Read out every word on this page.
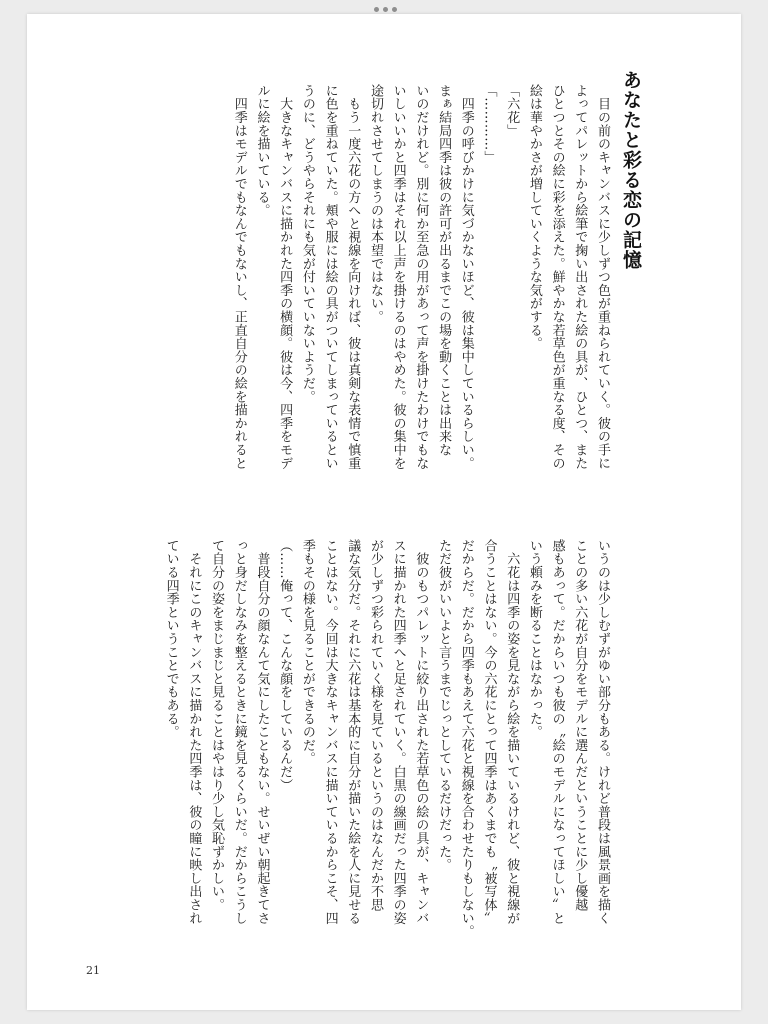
あなたと彩る恋の記憶

　目の前のキャンバスに少しずつ色が重ねられていく。彼の手に

よってパレットから絵筆で掬い出された絵の具が、ひとつ、また

ひとつとその絵に彩を添えた。鮮やかな若草色が重なる度、その

絵は華やかさが増していくような気がする。

「六花」

「…………」

　四季の呼びかけに気づかないほど、彼は集中しているらしい。

まぁ結局四季は彼の許可が出るまでこの場を動くことは出来な

いのだけれど。別に何か至急の用があって声を掛けたわけでもな

いしいいかと四季はそれ以上声を掛けるのはやめた。彼の集中を

途切れさせてしまうのは本望ではない。

　もう一度六花の方へと視線を向ければ、彼は真剣な表情で慎重

に色を重ねていた。頬や服には絵の具がついてしまっているとい

うのに、どうやらそれにも気が付いていないようだ。

　大きなキャンバスに描かれた四季の横顔。彼は今、四季をモデ

ルに絵を描いている。

　四季はモデルでもなんでもないし、正直自分の絵を描かれると

いうのは少しむずがゆい部分もある。けれど普段は風景画を描く

ことの多い六花が自分をモデルに選んだということに少し優越

感もあって。だからいつも彼の〝絵のモデルになってほしい〟と

いう頼みを断ることはなかった。

　六花は四季の姿を見ながら絵を描いているけれど、彼と視線が

合うことはない。今の六花にとって四季はあくまでも〝被写体〟

だからだ。だから四季もあえて六花と視線を合わせたりもしない。

ただ彼がいいよと言うまでじっとしているだけだった。

　彼のもつパレットに絞り出された若草色の絵の具が、キャンバ

スに描かれた四季へと足されていく。白黒の線画だった四季の姿

が少しずつ彩られていく様を見ているというのはなんだか不思

議な気分だ。それに六花は基本的に自分が描いた絵を人に見せる

ことはない。今回は大きなキャンバスに描いているからこそ、四

季もその様を見ることができるのだ。

（……俺って、こんな顔をしているんだ）

　普段自分の顔なんて気にしたこともない。せいぜい朝起きてさ

っと身だしなみを整えるときに鏡を見るくらいだ。だからこうし

て自分の姿をまじまじと見ることはやはり少し気恥ずかしい。

　それにこのキャンバスに描かれた四季は、彼の瞳に映し出され

ている四季ということでもある。

21
